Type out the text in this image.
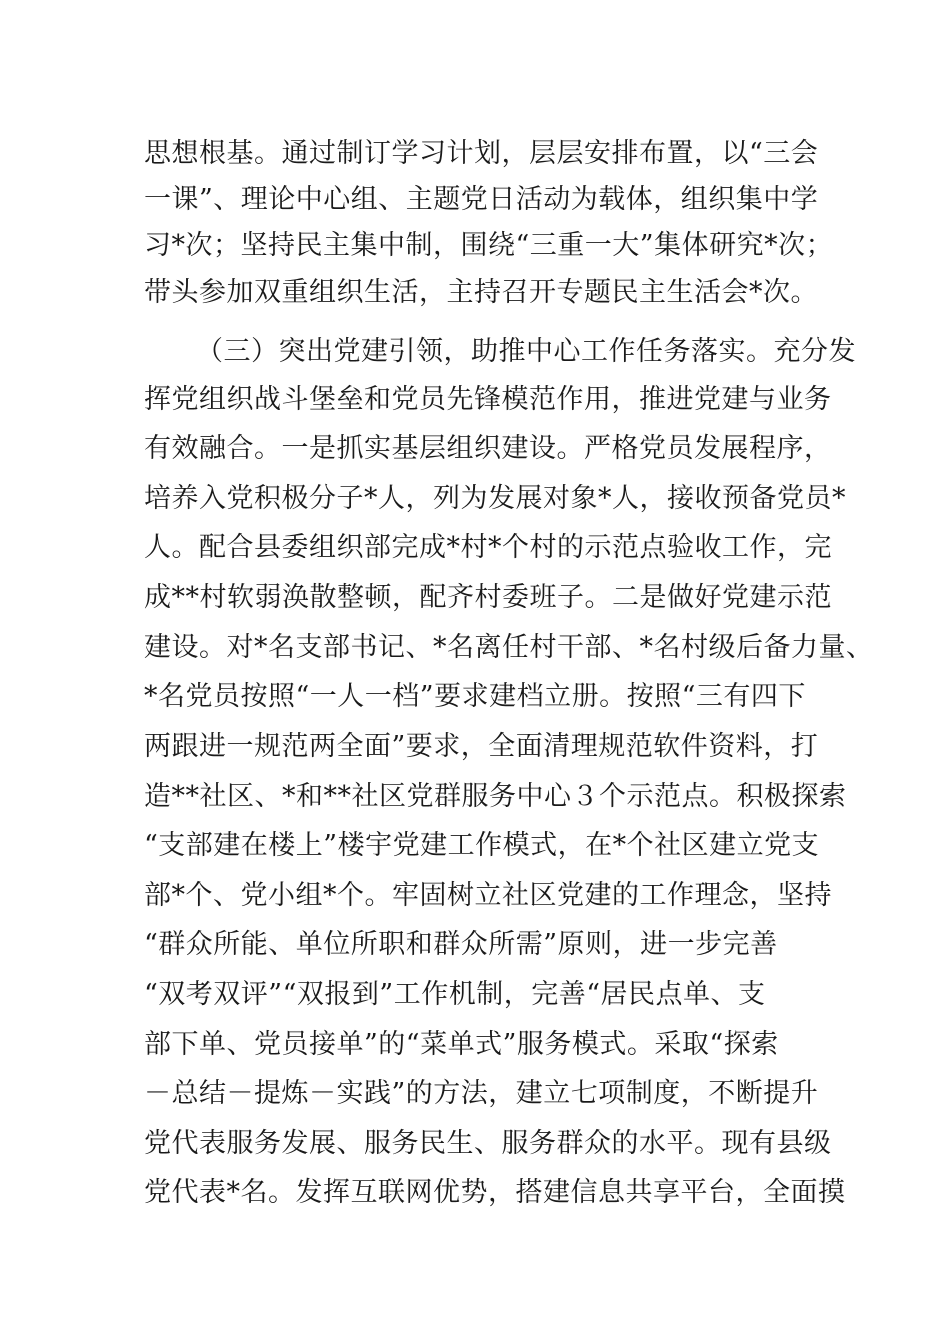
思想根基。通过制订学习计划，层层安排布置，以“三会
一课”、理论中心组、主题党日活动为载体，组织集中学
习*次；坚持民主集中制，围绕“三重一大”集体研究*次；
带头参加双重组织生活，主持召开专题民主生活会*次。
（三）突出党建引领，助推中心工作任务落实。充分发
挥党组织战斗堡垒和党员先锋模范作用，推进党建与业务
有效融合。一是抓实基层组织建设。严格党员发展程序，
培养入党积极分子*人，列为发展对象*人，接收预备党员*
人。配合县委组织部完成*村*个村的示范点验收工作，完
成**村软弱涣散整顿，配齐村委班子。二是做好党建示范
建设。对*名支部书记、*名离任村干部、*名村级后备力量、
*名党员按照“一人一档”要求建档立册。按照“三有四下
两跟进一规范两全面”要求，全面清理规范软件资料，打
造**社区、*和**社区党群服务中心３个示范点。积极探索
“支部建在楼上”楼宇党建工作模式，在*个社区建立党支
部*个、党小组*个。牢固树立社区党建的工作理念，坚持
“群众所能、单位所职和群众所需”原则，进一步完善
“双考双评”“双报到”工作机制，完善“居民点单、支
部下单、党员接单”的“菜单式”服务模式。采取“探索
－总结－提炼－实践”的方法，建立七项制度，不断提升
党代表服务发展、服务民生、服务群众的水平。现有县级
党代表*名。发挥互联网优势，搭建信息共享平台，全面摸
